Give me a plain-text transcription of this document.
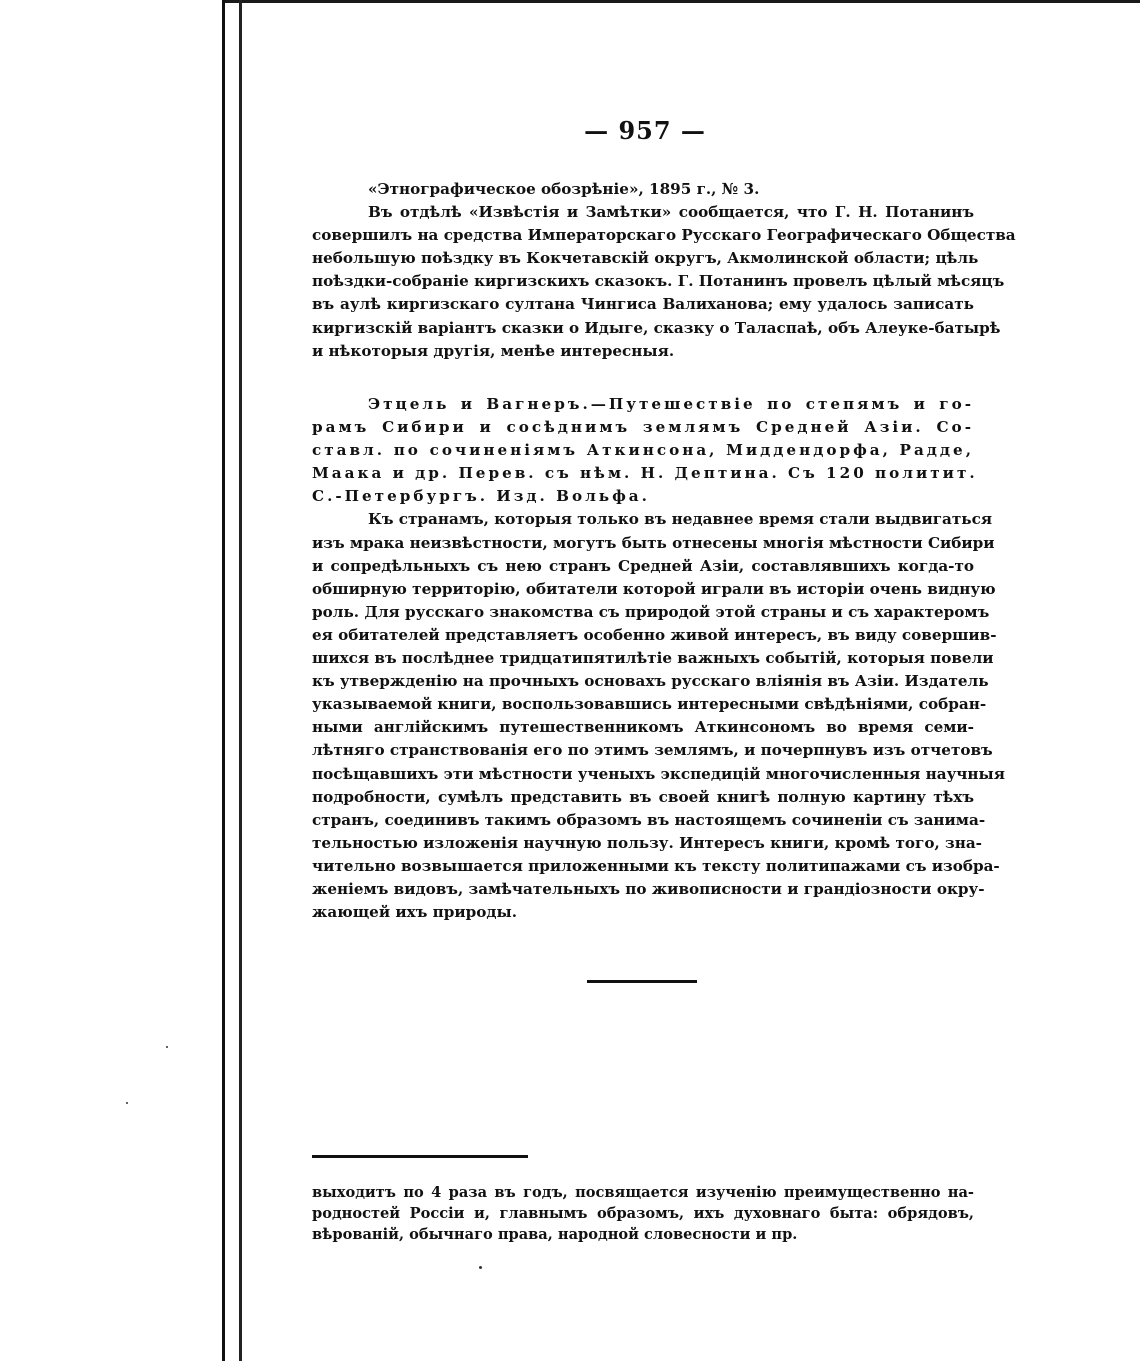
— 957 —
«Этнографическое обозрѣніе», 1895 г., № 3.
Въ отдѣлѣ «Извѣстія и Замѣтки» сообщается, что Г. Н. Потанинъ
совершилъ на средства Императорскаго Русскаго Географическаго Общества
небольшую поѣздку въ Кокчетавскій округъ, Акмолинской области; цѣль
поѣздки-собраніе киргизскихъ сказокъ. Г. Потанинъ провелъ цѣлый мѣсяцъ
въ аулѣ киргизскаго султана Чингиса Валиханова; ему удалось записать
киргизскій варіантъ сказки о Идыге, сказку о Таласпаѣ, объ Алеуке-батырѣ
и нѣкоторыя другія, менѣе интересныя.
Этцель и Вагнеръ.—Путешествіе по степямъ и го-
рамъ Сибири и сосѣднимъ землямъ Средней Азіи. Со-
ставл. по сочиненіямъ Аткинсона, Миддендорфа, Радде,
Маака и др. Перев. съ нѣм. Н. Дептина. Съ 120 политит.
С.-Петербургъ. Изд. Вольфа.
Къ странамъ, которыя только въ недавнее время стали выдвигаться
изъ мрака неизвѣстности, могутъ быть отнесены многія мѣстности Сибири
и сопредѣльныхъ съ нею странъ Средней Азіи, составлявшихъ когда-то
обширную территорію, обитатели которой играли въ исторіи очень видную
роль. Для русскаго знакомства съ природой этой страны и съ характеромъ
ея обитателей представляетъ особенно живой интересъ, въ виду совершив-
шихся въ послѣднее тридцатипятилѣтіе важныхъ событій, которыя повели
къ утвержденію на прочныхъ основахъ русскаго вліянія въ Азіи. Издатель
указываемой книги, воспользовавшись интересными свѣдѣніями, собран-
ными англійскимъ путешественникомъ Аткинсономъ во время семи-
лѣтняго странствованія его по этимъ землямъ, и почерпнувъ изъ отчетовъ
посѣщавшихъ эти мѣстности ученыхъ экспедицій многочисленныя научныя
подробности, сумѣлъ представить въ своей книгѣ полную картину тѣхъ
странъ, соединивъ такимъ образомъ въ настоящемъ сочиненіи съ занима-
тельностью изложенія научную пользу. Интересъ книги, кромѣ того, зна-
чительно возвышается приложенными къ тексту политипажами съ изобра-
женіемъ видовъ, замѣчательныхъ по живописности и грандіозности окру-
жающей ихъ природы.
выходитъ по 4 раза въ годъ, посвящается изученію преимущественно на-
родностей Россіи и, главнымъ образомъ, ихъ духовнаго быта: обрядовъ,
вѣрованій, обычнаго права, народной словесности и пр.
